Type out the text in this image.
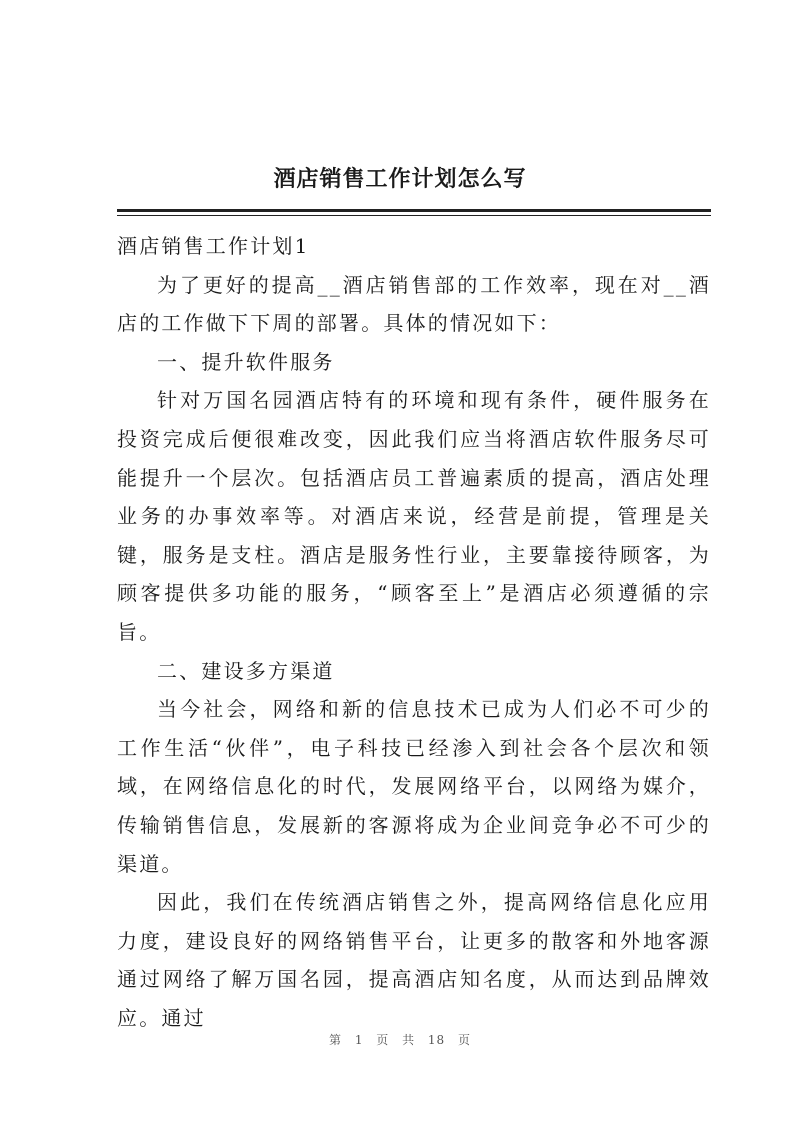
酒店销售工作计划怎么写

酒店销售工作计划1

为了更好的提高__酒店销售部的工作效率，现在对__酒店的工作做下下周的部署。具体的情况如下：

一、提升软件服务

针对万国名园酒店特有的环境和现有条件，硬件服务在投资完成后便很难改变，因此我们应当将酒店软件服务尽可能提升一个层次。包括酒店员工普遍素质的提高，酒店处理业务的办事效率等。对酒店来说，经营是前提，管理是关键，服务是支柱。酒店是服务性行业，主要靠接待顾客，为顾客提供多功能的服务，“顾客至上”是酒店必须遵循的宗旨。

二、建设多方渠道

当今社会，网络和新的信息技术已成为人们必不可少的工作生活“伙伴”，电子科技已经渗入到社会各个层次和领域，在网络信息化的时代，发展网络平台，以网络为媒介，传输销售信息，发展新的客源将成为企业间竞争必不可少的渠道。

因此，我们在传统酒店销售之外，提高网络信息化应用力度，建设良好的网络销售平台，让更多的散客和外地客源通过网络了解万国名园，提高酒店知名度，从而达到品牌效应。通过

第 1 页 共 18 页
